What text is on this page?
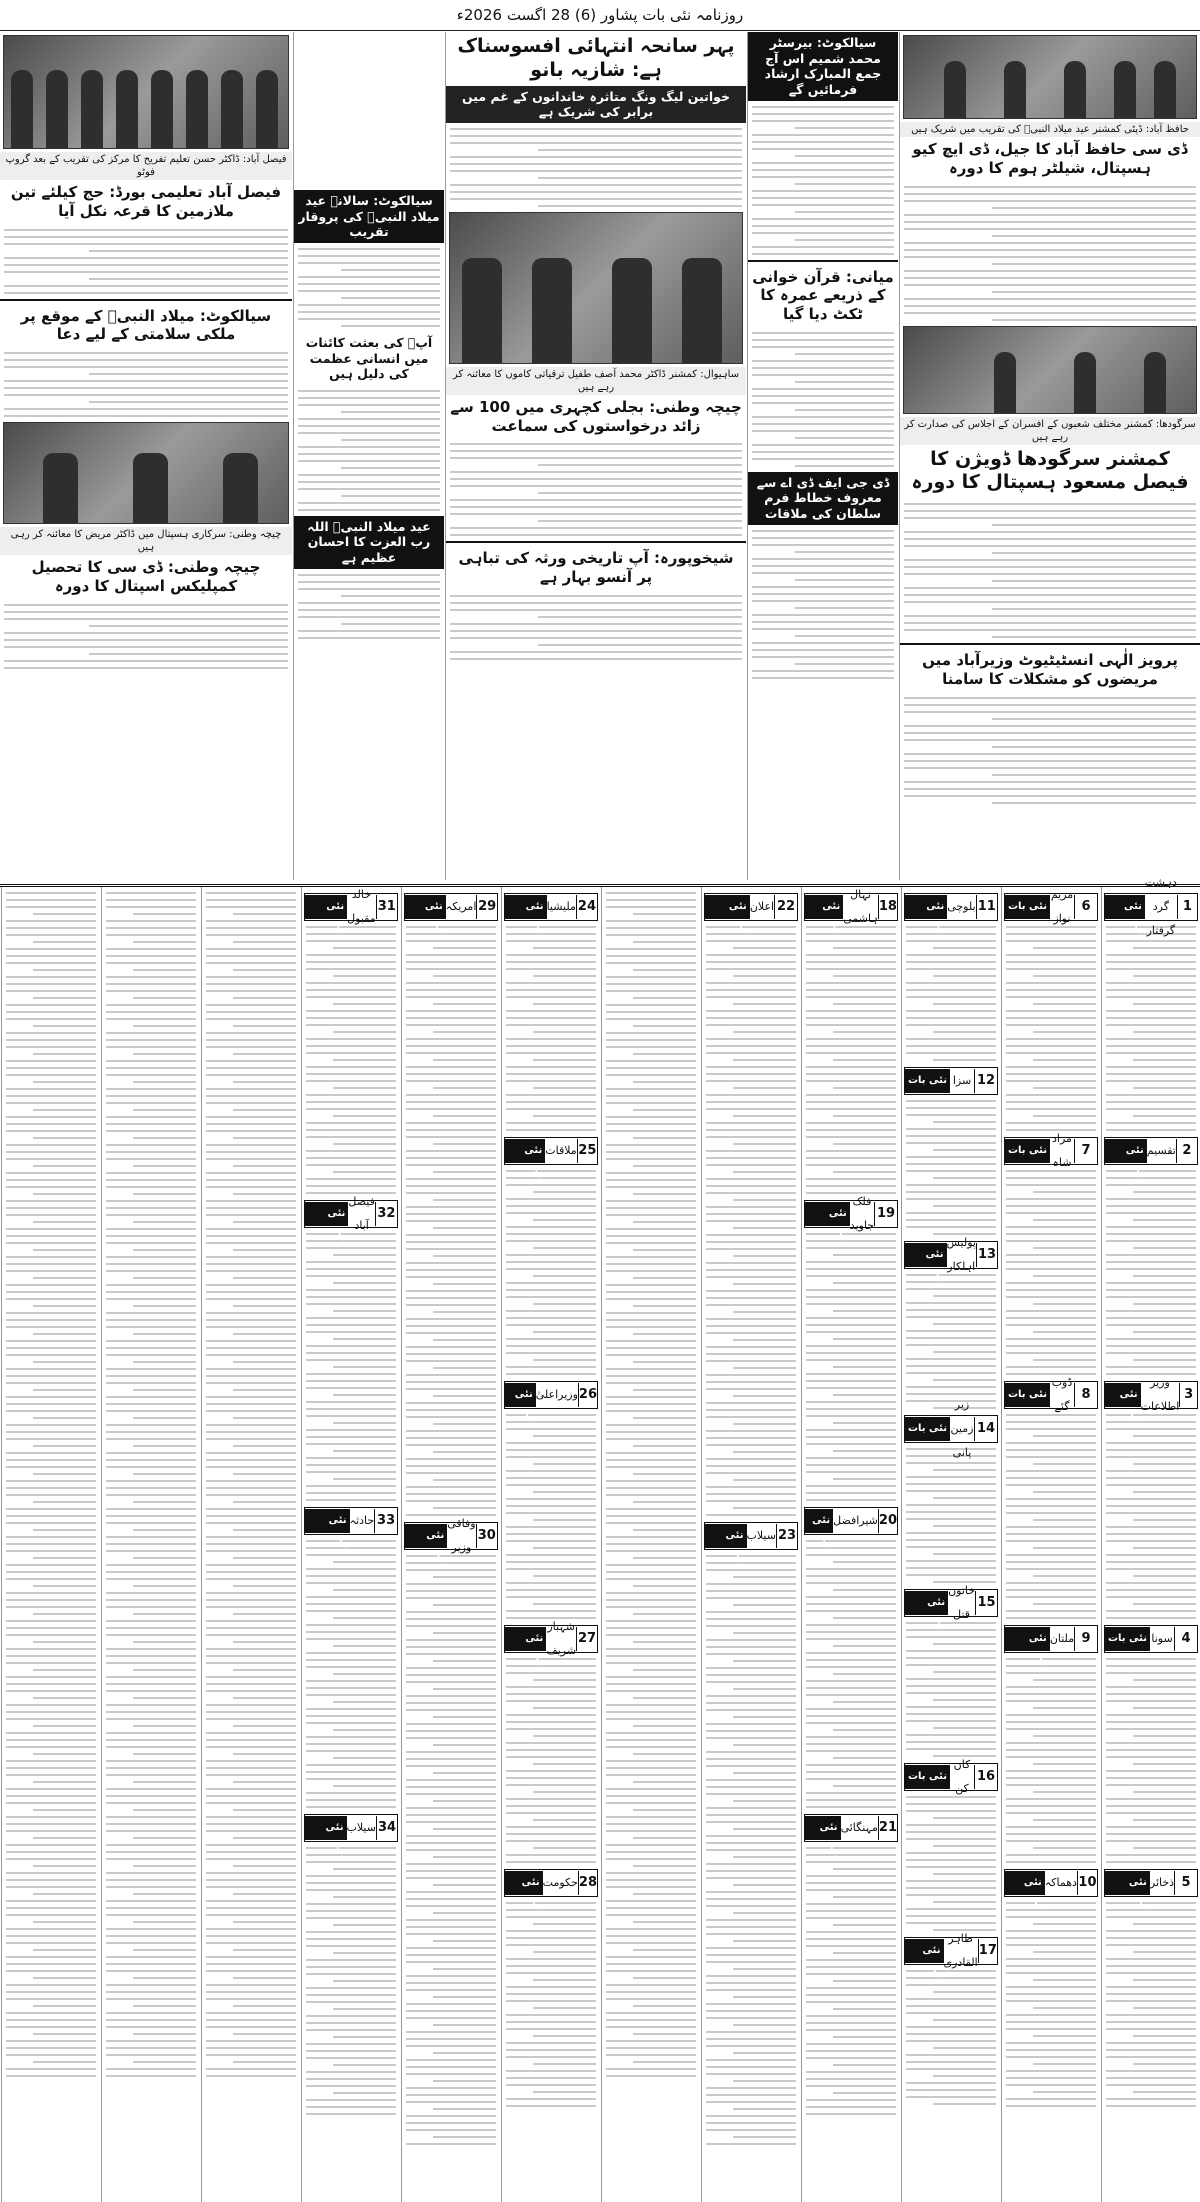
روزنامہ نئی بات پشاور (6) 28 اگست 2026ء
حافظ آباد: ڈپٹی کمشنر عید میلاد النبیؐ کی تقریب میں شریک ہیں
ڈی سی حافظ آباد کا جیل، ڈی ایچ کیو ہسپتال، شیلٹر ہوم کا دورہ
سرگودھا: کمشنر مختلف شعبوں کے افسران کے اجلاس کی صدارت کر رہے ہیں
کمشنر سرگودھا ڈویژن کا فیصل مسعود ہسپتال کا دورہ
پرویز الٰہی انسٹیٹیوٹ وزیرآباد میں مریضوں کو مشکلات کا سامنا
سیالکوٹ: بیرسٹر محمد شمیم اس آج جمع المبارک ارشاد فرمائیں گے
میانی: قرآن خوانی کے ذریعے عمرہ کا ٹکٹ دیا گیا
ڈی جی ایف ڈی اے سے معروف خطاط فرم سلطان کی ملاقات
پہر سانحہ انتہائی افسوسناک ہے: شازیہ بانو
خواتین لیگ ونگ متاثرہ خاندانوں کے غم میں برابر کی شریک ہے
ساہیوال: کمشنر ڈاکٹر محمد آصف طفیل ترقیاتی کاموں کا معائنہ کر رہے ہیں
چیچہ وطنی: بجلی کچہری میں 100 سے زائد درخواستوں کی سماعت
شیخوپورہ: آپ تاریخی ورثہ کی تباہی پر آنسو بہار ہے
سیالکوٹ: سالانہ عید میلاد النبیؐ کی پروقار تقریب
آپؐ کی بعثت کائنات میں انسانی عظمت کی دلیل ہیں
عید میلاد النبیؐ اللہ رب العزت کا احسان عظیم ہے
فیصل آباد: ڈاکٹر حسن تعلیم تفریح کا مرکز کی تقریب کے بعد گروپ فوٹو
فیصل آباد تعلیمی بورڈ: حج کیلئے تین ملازمین کا قرعہ نکل آیا
سیالکوٹ: میلاد النبیؐ کے موقع پر ملکی سلامتی کے لیے دعا
چیچہ وطنی: سرکاری ہسپتال میں ڈاکٹر مریض کا معائنہ کر رہی ہیں
چیچہ وطنی: ڈی سی کا تحصیل کمپلیکس اسپتال کا دورہ
1
دہشت گرد گرفتار
نئی بات
2
تقسیم
نئی بات
3
وزیر اطلاعات
نئی بات
4
سونا
نئی بات
5
ذخائر
نئی بات
6
مریم نواز
نئی بات
7
مراد شاہ
نئی بات
8
ڈوب گئے
نئی بات
9
ملتان
نئی بات
10
دھماکہ
نئی بات
11
بلوچی
نئی بات
12
سزا
نئی بات
13
پولیس اہلکار
نئی بات
14
زیر زمین پانی
نئی بات
15
خاتون قتل
نئی بات
16
کان کن
نئی بات
17
طاہر القادری
نئی بات
18
نہال ہاشمی
نئی بات
19
فلک جاوید
نئی بات
20
شیرافضل
نئی بات
21
مہنگائی
نئی بات
22
اعلان
نئی بات
23
سیلاب
نئی بات
24
ملیشیا
نئی بات
25
ملاقات
نئی بات
26
وزیراعلیٰ
نئی بات
27
شہباز شریف
نئی بات
28
حکومت
نئی بات
29
امریکہ
نئی بات
30
وفاقی وزیر
نئی بات
31
خالد مقبول
نئی بات
32
فیصل آباد
نئی بات
33
حادثہ
نئی بات
34
سیلاب
نئی بات
